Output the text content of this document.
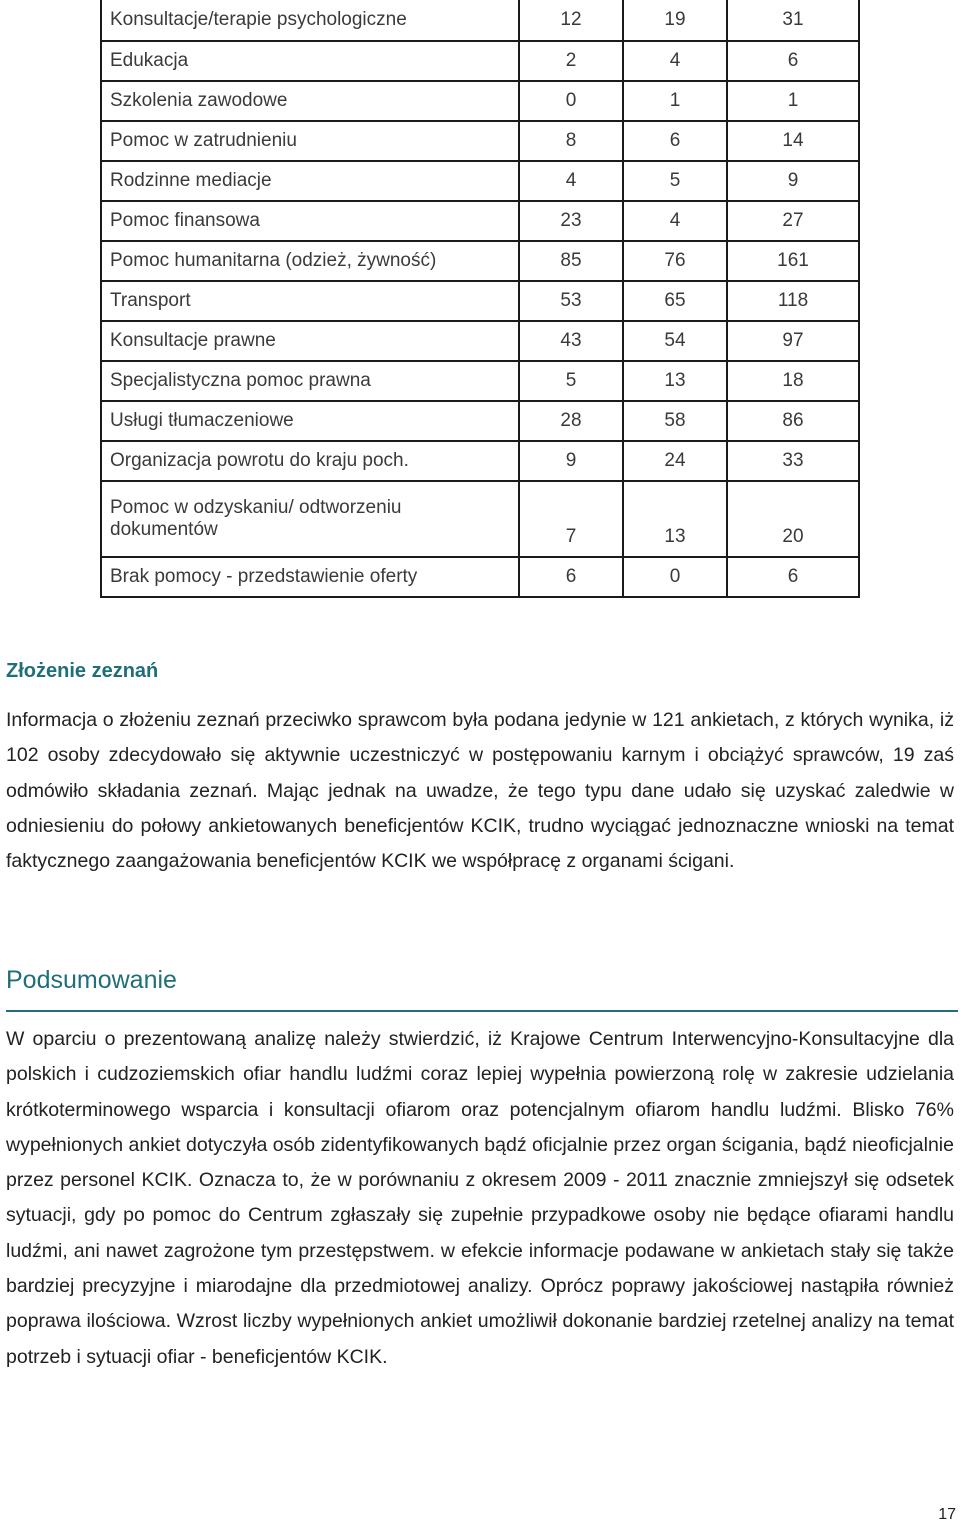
Konsultacje/terapie psychologiczne	12	19	31
Edukacja	2	4	6
Szkolenia zawodowe	0	1	1
Pomoc w zatrudnieniu	8	6	14
Rodzinne mediacje	4	5	9
Pomoc finansowa	23	4	27
Pomoc humanitarna (odzież, żywność)	85	76	161
Transport	53	65	118
Konsultacje prawne	43	54	97
Specjalistyczna pomoc prawna	5	13	18
Usługi tłumaczeniowe	28	58	86
Organizacja powrotu do kraju poch.	9	24	33
Pomoc w odzyskaniu/ odtworzeniu dokumentów	7	13	20
Brak pomocy - przedstawienie oferty	6	0	6
Złożenie zeznań

Informacja o złożeniu zeznań przeciwko sprawcom była podana jedynie w 121 ankietach, z których wynika, iż 102 osoby zdecydowało się aktywnie uczestniczyć w postępowaniu karnym i obciążyć sprawców, 19 zaś odmówiło składania zeznań. Mając jednak na uwadze, że tego typu dane udało się uzyskać zaledwie w odniesieniu do połowy ankietowanych beneficjentów KCIK, trudno wyciągać jednoznaczne wnioski na temat faktycznego zaangażowania beneficjentów KCIK we współpracę z organami ścigani.

Podsumowanie

W oparciu o prezentowaną analizę należy stwierdzić, iż Krajowe Centrum Interwencyjno-Konsultacyjne dla polskich i cudzoziemskich ofiar handlu ludźmi coraz lepiej wypełnia powierzoną rolę w zakresie udzielania krótkoterminowego wsparcia i konsultacji ofiarom oraz potencjalnym ofiarom handlu ludźmi. Blisko 76% wypełnionych ankiet dotyczyła osób zidentyfikowanych bądź oficjalnie przez organ ścigania, bądź nieoficjalnie przez personel KCIK. Oznacza to, że w porównaniu z okresem 2009 - 2011 znacznie zmniejszył się odsetek sytuacji, gdy po pomoc do Centrum zgłaszały się zupełnie przypadkowe osoby nie będące ofiarami handlu ludźmi, ani nawet zagrożone tym przestępstwem. w efekcie informacje podawane w ankietach stały się także bardziej precyzyjne i miarodajne dla przedmiotowej analizy. Oprócz poprawy jakościowej nastąpiła również poprawa ilościowa. Wzrost liczby wypełnionych ankiet umożliwił dokonanie bardziej rzetelnej analizy na temat potrzeb i sytuacji ofiar - beneficjentów KCIK.

17
